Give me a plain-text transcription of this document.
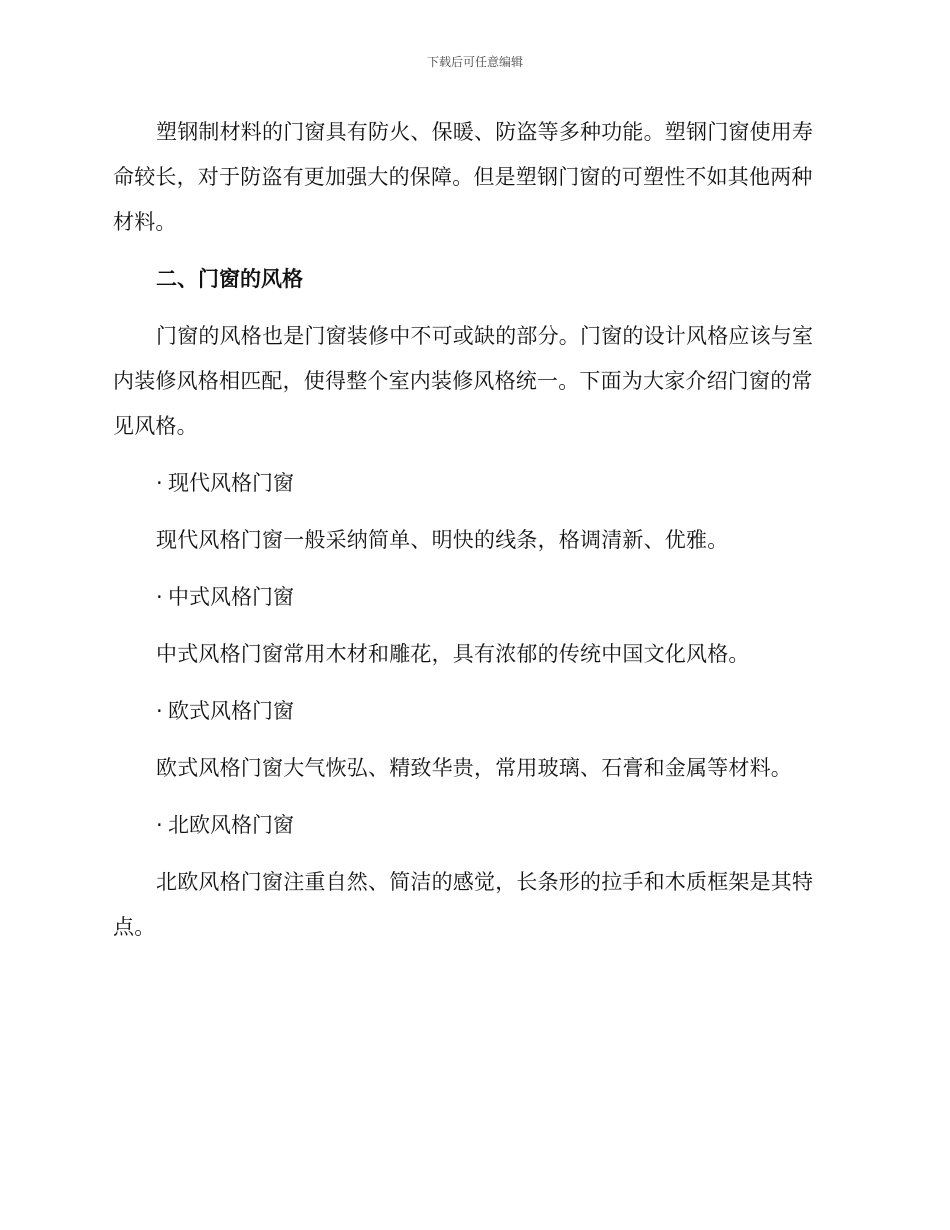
下载后可任意编辑

塑钢制材料的门窗具有防火、保暖、防盗等多种功能。塑钢门窗使用寿命较长，对于防盗有更加强大的保障。但是塑钢门窗的可塑性不如其他两种材料。

二、门窗的风格

门窗的风格也是门窗装修中不可或缺的部分。门窗的设计风格应该与室内装修风格相匹配，使得整个室内装修风格统一。下面为大家介绍门窗的常见风格。

· 现代风格门窗

现代风格门窗一般采纳简单、明快的线条，格调清新、优雅。

· 中式风格门窗

中式风格门窗常用木材和雕花，具有浓郁的传统中国文化风格。

· 欧式风格门窗

欧式风格门窗大气恢弘、精致华贵，常用玻璃、石膏和金属等材料。

· 北欧风格门窗

北欧风格门窗注重自然、简洁的感觉，长条形的拉手和木质框架是其特点。
